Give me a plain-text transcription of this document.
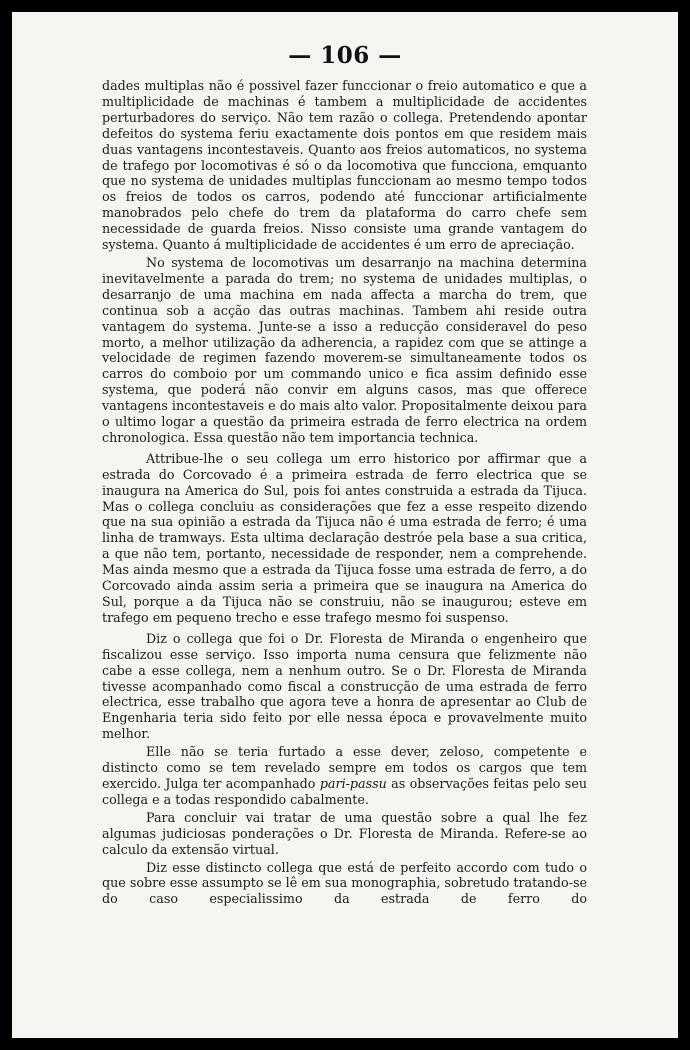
— 106 —

dades multiplas não é possivel fazer funccionar o freio automatico e que a multiplicidade de machinas é tambem a multiplicidade de accidentes perturbadores do serviço. Não tem razão o collega. Pretendendo apontar defeitos do systema feriu exactamente dois pontos em que residem mais duas vantagens incontestaveis. Quanto aos freios automaticos, no systema de trafego por locomotivas é só o da locomotiva que funcciona, emquanto que no systema de unidades multiplas funccionam ao mesmo tempo todos os freios de todos os carros, podendo até funccionar artificialmente manobrados pelo chefe do trem da plataforma do carro chefe sem necessidade de guarda freios. Nisso consiste uma grande vantagem do systema. Quanto á multiplicidade de accidentes é um erro de apreciação.

No systema de locomotivas um desarranjo na machina determina inevitavelmente a parada do trem; no systema de unidades multiplas, o desarranjo de uma machina em nada affecta a marcha do trem, que continua sob a acção das outras machinas. Tambem ahi reside outra vantagem do systema. Junte-se a isso a reducção consideravel do peso morto, a melhor utilização da adherencia, a rapidez com que se attinge a velocidade de regimen fazendo moverem-se simultaneamente todos os carros do comboio por um commando unico e fica assim definido esse systema, que poderá não convir em alguns casos, mas que offerece vantagens incontestaveis e do mais alto valor. Propositalmente deixou para o ultimo logar a questão da primeira estrada de ferro electrica na ordem chronologica. Essa questão não tem importancia technica.

Attribue-lhe o seu collega um erro historico por affirmar que a estrada do Corcovado é a primeira estrada de ferro electrica que se inaugura na America do Sul, pois foi antes construida a estrada da Tijuca. Mas o collega concluiu as considerações que fez a esse respeito dizendo que na sua opinião a estrada da Tijuca não é uma estrada de ferro; é uma linha de tramways. Esta ultima declaração destróe pela base a sua critica, a que não tem, portanto, necessidade de responder, nem a comprehende. Mas ainda mesmo que a estrada da Tijuca fosse uma estrada de ferro, a do Corcovado ainda assim seria a primeira que se inaugura na America do Sul, porque a da Tijuca não se construiu, não se inaugurou; esteve em trafego em pequeno trecho e esse trafego mesmo foi suspenso.

Diz o collega que foi o Dr. Floresta de Miranda o engenheiro que fiscalizou esse serviço. Isso importa numa censura que felizmente não cabe a esse collega, nem a nenhum outro. Se o Dr. Floresta de Miranda tivesse acompanhado como fiscal a construcção de uma estrada de ferro electrica, esse trabalho que agora teve a honra de apresentar ao Club de Engenharia teria sido feito por elle nessa época e provavelmente muito melhor.

Elle não se teria furtado a esse dever, zeloso, competente e distincto como se tem revelado sempre em todos os cargos que tem exercido. Julga ter acompanhado pari-passu as observações feitas pelo seu collega e a todas respondido cabalmente.

Para concluir vai tratar de uma questão sobre a qual lhe fez algumas judiciosas ponderações o Dr. Floresta de Miranda. Refere-se ao calculo da extensão virtual.

Diz esse distincto collega que está de perfeito accordo com tudo o que sobre esse assumpto se lê em sua monographia, sobretudo tratando-se do caso especialissimo da estrada de ferro do
